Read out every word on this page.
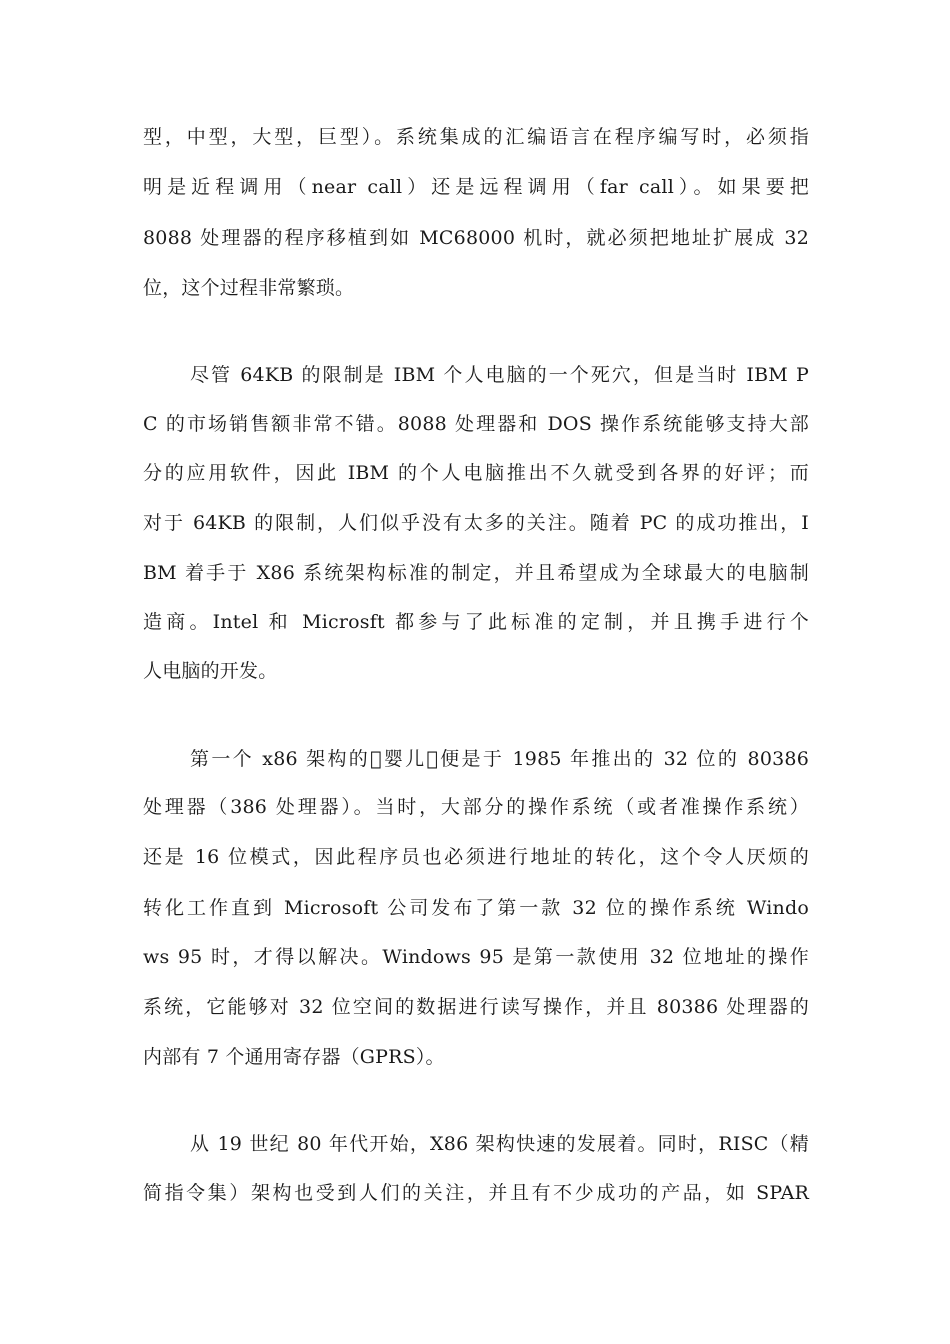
型，中型，大型，巨型）。系统集成的汇编语言在程序编写时，必须指
明是近程调用（near call）还是远程调用（far call）。如果要把
8088 处理器的程序移植到如 MC68000 机时，就必须把地址扩展成 32
位，这个过程非常繁琐。
尽管 64KB 的限制是 IBM 个人电脑的一个死穴，但是当时 IBM P
C 的市场销售额非常不错。8088 处理器和 DOS 操作系统能够支持大部
分的应用软件，因此 IBM 的个人电脑推出不久就受到各界的好评；而
对于 64KB 的限制，人们似乎没有太多的关注。随着 PC 的成功推出，I
BM 着手于 X86 系统架构标准的制定，并且希望成为全球最大的电脑制
造商。Intel 和 Microsft 都参与了此标准的定制，并且携手进行个
人电脑的开发。
第一个 x86 架构的 婴儿 便是于 1985 年推出的 32 位的 80386
处理器（386 处理器）。当时，大部分的操作系统（或者准操作系统）
还是 16 位模式，因此程序员也必须进行地址的转化，这个令人厌烦的
转化工作直到 Microsoft 公司发布了第一款 32 位的操作系统 Windo
ws 95 时，才得以解决。Windows 95 是第一款使用 32 位地址的操作
系统，它能够对 32 位空间的数据进行读写操作，并且 80386 处理器的
内部有 7 个通用寄存器（GPRS）。
从 19 世纪 80 年代开始，X86 架构快速的发展着。同时，RISC（精
简指令集）架构也受到人们的关注，并且有不少成功的产品，如 SPAR
